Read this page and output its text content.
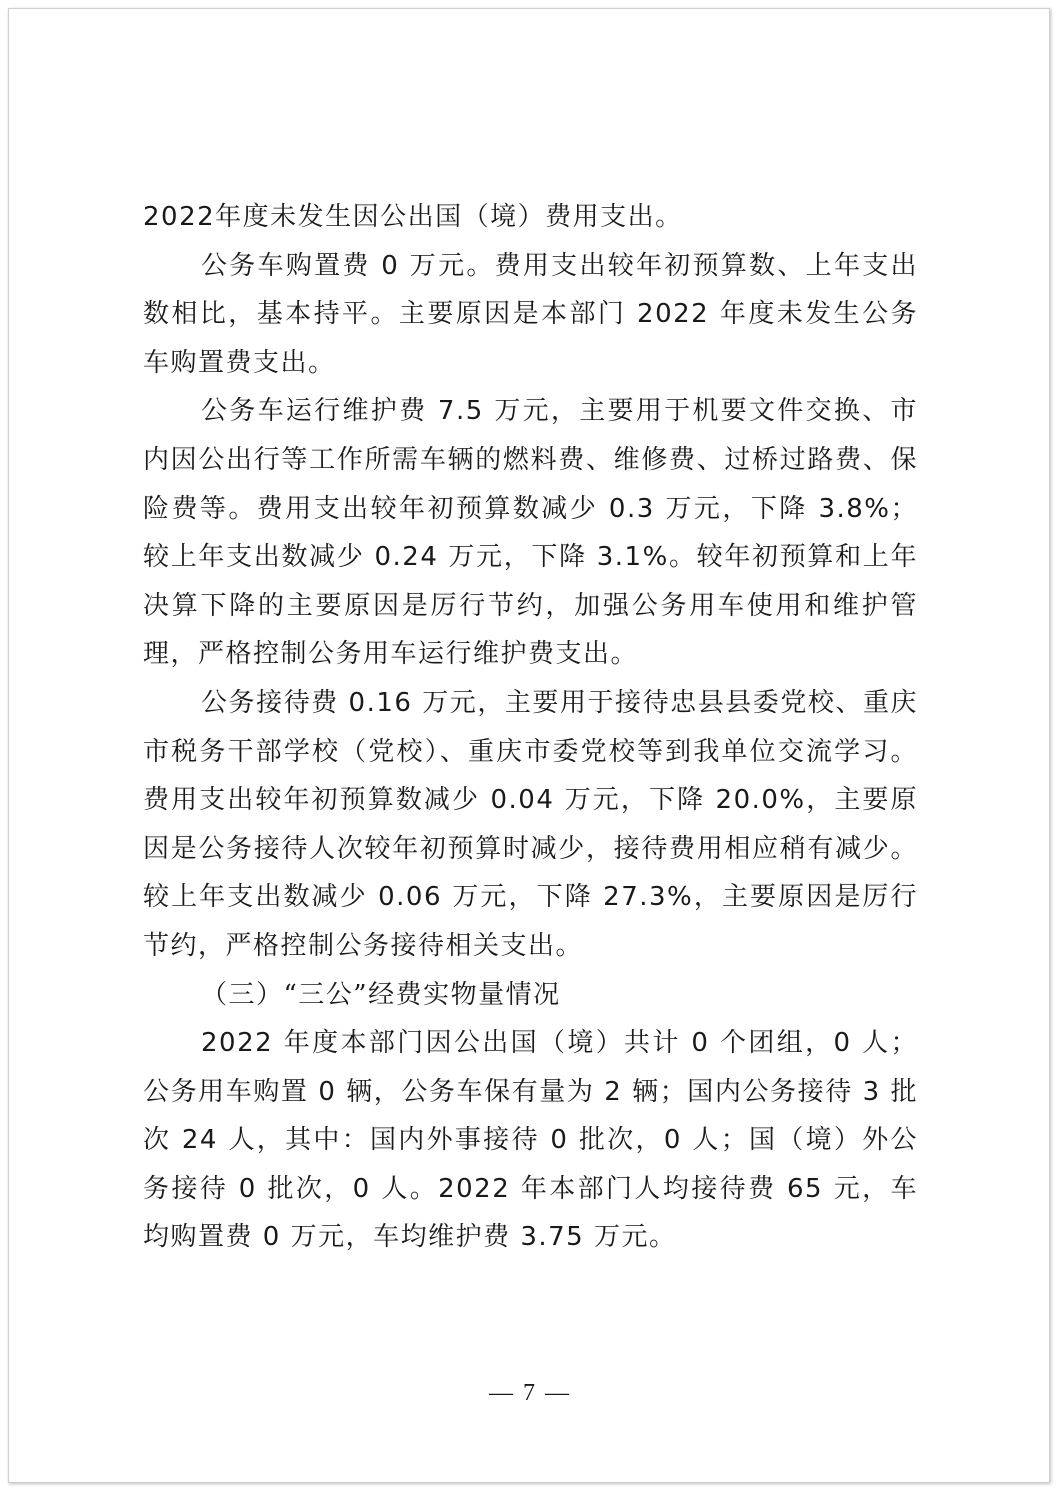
2022年度未发生因公出国（境）费用支出。

公务车购置费 0 万元。费用支出较年初预算数、上年支出数相比，基本持平。主要原因是本部门 2022 年度未发生公务车购置费支出。

公务车运行维护费 7.5 万元，主要用于机要文件交换、市内因公出行等工作所需车辆的燃料费、维修费、过桥过路费、保险费等。费用支出较年初预算数减少 0.3 万元，下降 3.8%；较上年支出数减少 0.24 万元，下降 3.1%。较年初预算和上年决算下降的主要原因是厉行节约，加强公务用车使用和维护管理，严格控制公务用车运行维护费支出。

公务接待费 0.16 万元，主要用于接待忠县县委党校、重庆市税务干部学校（党校）、重庆市委党校等到我单位交流学习。费用支出较年初预算数减少 0.04 万元，下降 20.0%，主要原因是公务接待人次较年初预算时减少，接待费用相应稍有减少。较上年支出数减少 0.06 万元，下降 27.3%，主要原因是厉行节约，严格控制公务接待相关支出。

（三）“三公”经费实物量情况

2022 年度本部门因公出国（境）共计 0 个团组，0 人；公务用车购置 0 辆，公务车保有量为 2 辆；国内公务接待 3 批次 24 人，其中：国内外事接待 0 批次，0 人；国（境）外公务接待 0 批次，0 人。2022 年本部门人均接待费 65 元，车均购置费 0 万元，车均维护费 3.75 万元。

— 7 —
